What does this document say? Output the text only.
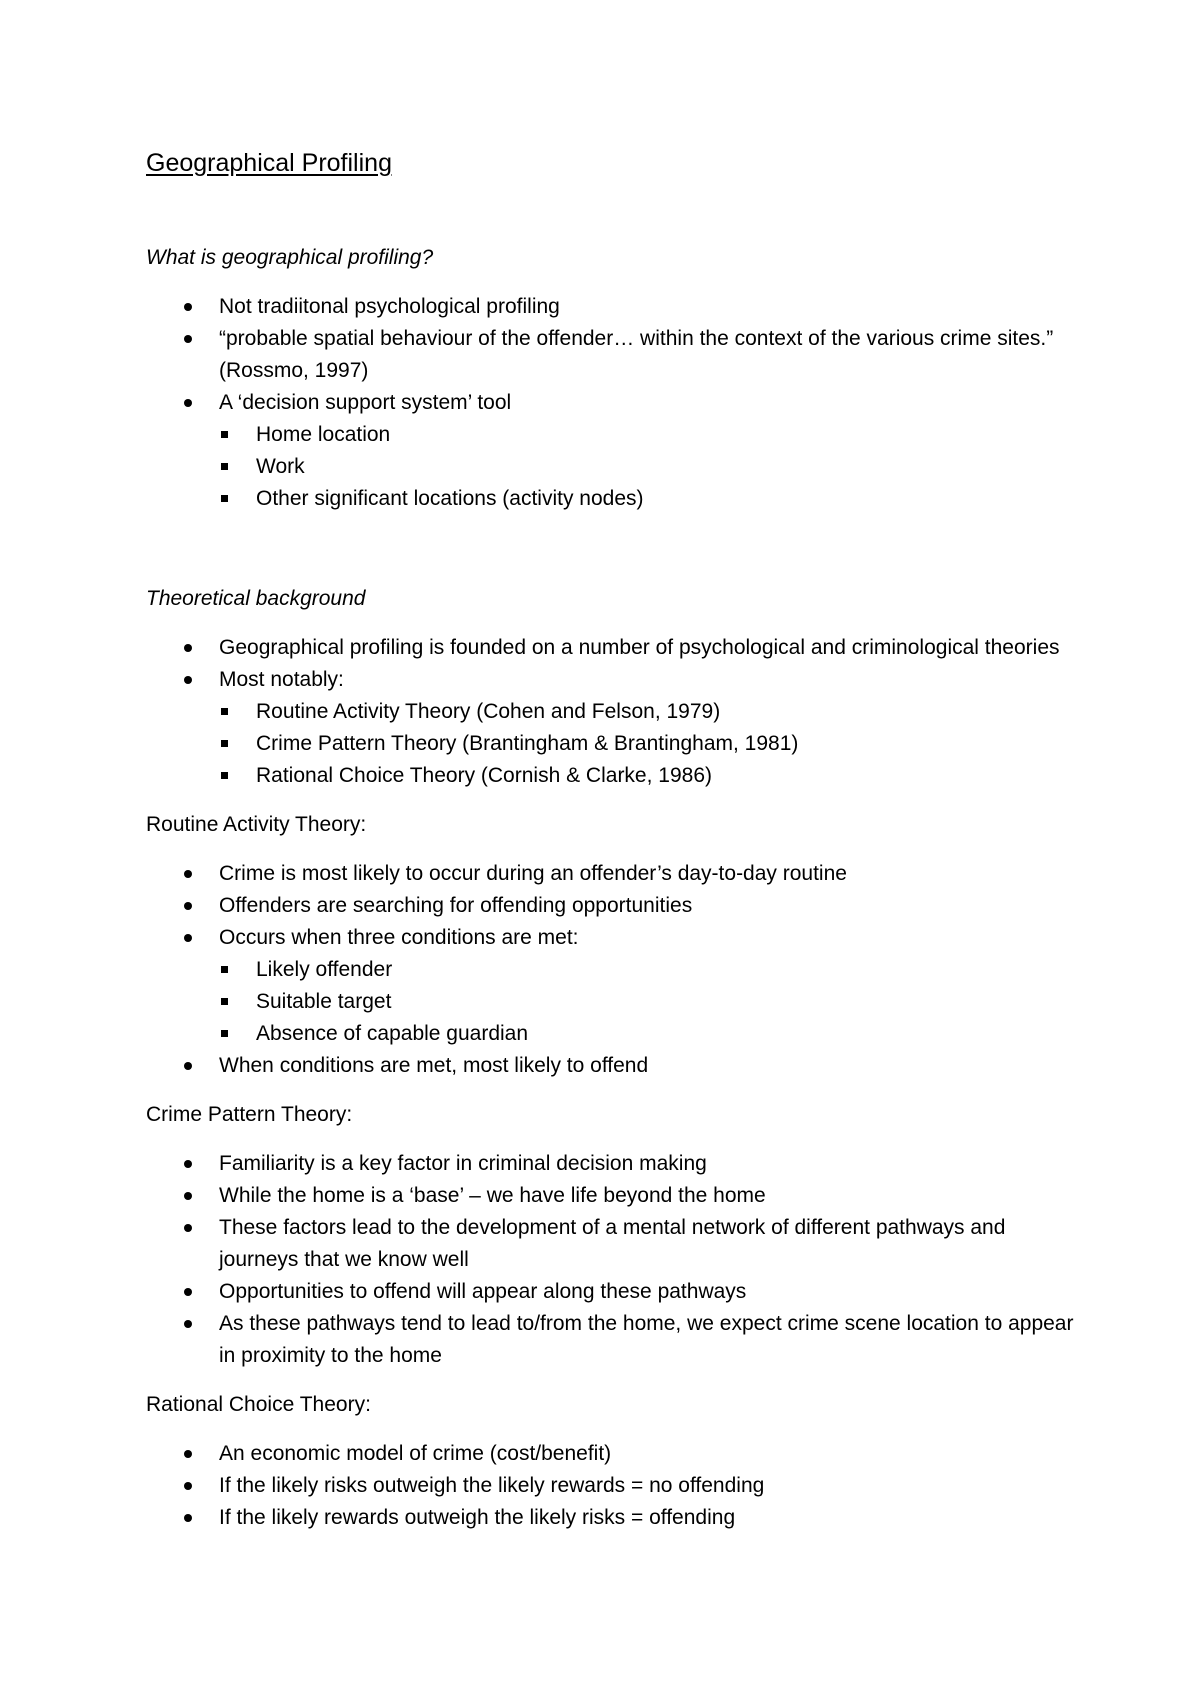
Geographical Profiling

What is geographical profiling?

Not tradiitonal psychological profiling
“probable spatial behaviour of the offender… within the context of the various crime sites.” (Rossmo, 1997)
A ‘decision support system’ tool
Home location
Work
Other significant locations (activity nodes)

Theoretical background

Geographical profiling is founded on a number of psychological and criminological theories
Most notably:
Routine Activity Theory (Cohen and Felson, 1979)
Crime Pattern Theory (Brantingham & Brantingham, 1981)
Rational Choice Theory (Cornish & Clarke, 1986)

Routine Activity Theory:

Crime is most likely to occur during an offender’s day-to-day routine
Offenders are searching for offending opportunities
Occurs when three conditions are met:
Likely offender
Suitable target
Absence of capable guardian
When conditions are met, most likely to offend

Crime Pattern Theory:

Familiarity is a key factor in criminal decision making
While the home is a ‘base’ – we have life beyond the home
These factors lead to the development of a mental network of different pathways and journeys that we know well
Opportunities to offend will appear along these pathways
As these pathways tend to lead to/from the home, we expect crime scene location to appear in proximity to the home

Rational Choice Theory:

An economic model of crime (cost/benefit)
If the likely risks outweigh the likely rewards = no offending
If the likely rewards outweigh the likely risks = offending
